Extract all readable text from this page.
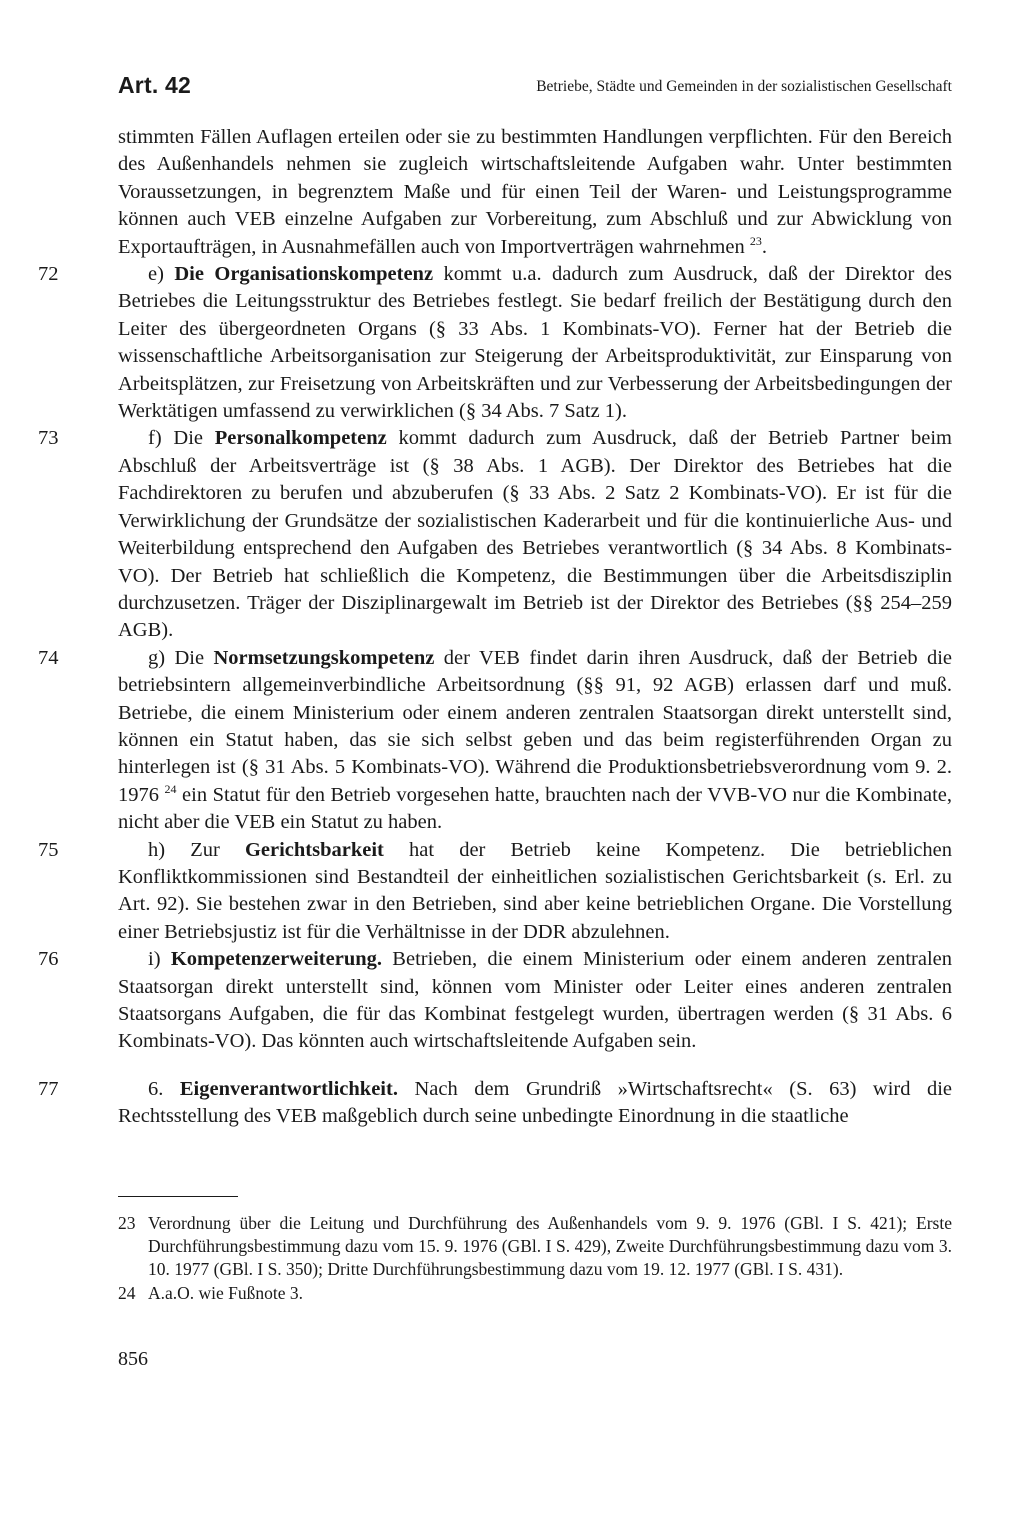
Art. 42	Betriebe, Städte und Gemeinden in der sozialistischen Gesellschaft

stimmten Fällen Auflagen erteilen oder sie zu bestimmten Handlungen verpflichten. Für den Bereich des Außenhandels nehmen sie zugleich wirtschaftsleitende Aufgaben wahr. Unter bestimmten Voraussetzungen, in begrenztem Maße und für einen Teil der Waren- und Leistungsprogramme können auch VEB einzelne Aufgaben zur Vorbereitung, zum Abschluß und zur Abwicklung von Exportaufträgen, in Ausnahmefällen auch von Importverträgen wahrnehmen $^{23}$.

72	e) Die Organisationskompetenz kommt u.a. dadurch zum Ausdruck, daß der Direktor des Betriebes die Leitungsstruktur des Betriebes festlegt. Sie bedarf freilich der Bestätigung durch den Leiter des übergeordneten Organs (§ 33 Abs. 1 Kombinats-VO). Ferner hat der Betrieb die wissenschaftliche Arbeitsorganisation zur Steigerung der Arbeitsproduktivität, zur Einsparung von Arbeitsplätzen, zur Freisetzung von Arbeitskräften und zur Verbesserung der Arbeitsbedingungen der Werktätigen umfassend zu verwirklichen (§ 34 Abs. 7 Satz 1).

73	f) Die Personalkompetenz kommt dadurch zum Ausdruck, daß der Betrieb Partner beim Abschluß der Arbeitsverträge ist (§ 38 Abs. 1 AGB). Der Direktor des Betriebes hat die Fachdirektoren zu berufen und abzuberufen (§ 33 Abs. 2 Satz 2 Kombinats-VO). Er ist für die Verwirklichung der Grundsätze der sozialistischen Kaderarbeit und für die kontinuierliche Aus- und Weiterbildung entsprechend den Aufgaben des Betriebes verantwortlich (§ 34 Abs. 8 Kombinats-VO). Der Betrieb hat schließlich die Kompetenz, die Bestimmungen über die Arbeitsdisziplin durchzusetzen. Träger der Disziplinargewalt im Betrieb ist der Direktor des Betriebes (§§ 254–259 AGB).

74	g) Die Normsetzungskompetenz der VEB findet darin ihren Ausdruck, daß der Betrieb die betriebsintern allgemeinverbindliche Arbeitsordnung (§§ 91, 92 AGB) erlassen darf und muß. Betriebe, die einem Ministerium oder einem anderen zentralen Staatsorgan direkt unterstellt sind, können ein Statut haben, das sie sich selbst geben und das beim registerführenden Organ zu hinterlegen ist (§ 31 Abs. 5 Kombinats-VO). Während die Produktionsbetriebsverordnung vom 9. 2. 1976 $^{24}$ ein Statut für den Betrieb vorgesehen hatte, brauchten nach der VVB-VO nur die Kombinate, nicht aber die VEB ein Statut zu haben.

75	h) Zur Gerichtsbarkeit hat der Betrieb keine Kompetenz. Die betrieblichen Konfliktkommissionen sind Bestandteil der einheitlichen sozialistischen Gerichtsbarkeit (s. Erl. zu Art. 92). Sie bestehen zwar in den Betrieben, sind aber keine betrieblichen Organe. Die Vorstellung einer Betriebsjustiz ist für die Verhältnisse in der DDR abzulehnen.

76	i) Kompetenzerweiterung. Betrieben, die einem Ministerium oder einem anderen zentralen Staatsorgan direkt unterstellt sind, können vom Minister oder Leiter eines anderen zentralen Staatsorgans Aufgaben, die für das Kombinat festgelegt wurden, übertragen werden (§ 31 Abs. 6 Kombinats-VO). Das könnten auch wirtschaftsleitende Aufgaben sein.

77	6. Eigenverantwortlichkeit. Nach dem Grundriß »Wirtschaftsrecht« (S. 63) wird die Rechtsstellung des VEB maßgeblich durch seine unbedingte Einordnung in die staatliche

23 Verordnung über die Leitung und Durchführung des Außenhandels vom 9. 9. 1976 (GBl. I S. 421); Erste Durchführungsbestimmung dazu vom 15. 9. 1976 (GBl. I S. 429), Zweite Durchführungsbestimmung dazu vom 3. 10. 1977 (GBl. I S. 350); Dritte Durchführungsbestimmung dazu vom 19. 12. 1977 (GBl. I S. 431).

24 A.a.O. wie Fußnote 3.

856
